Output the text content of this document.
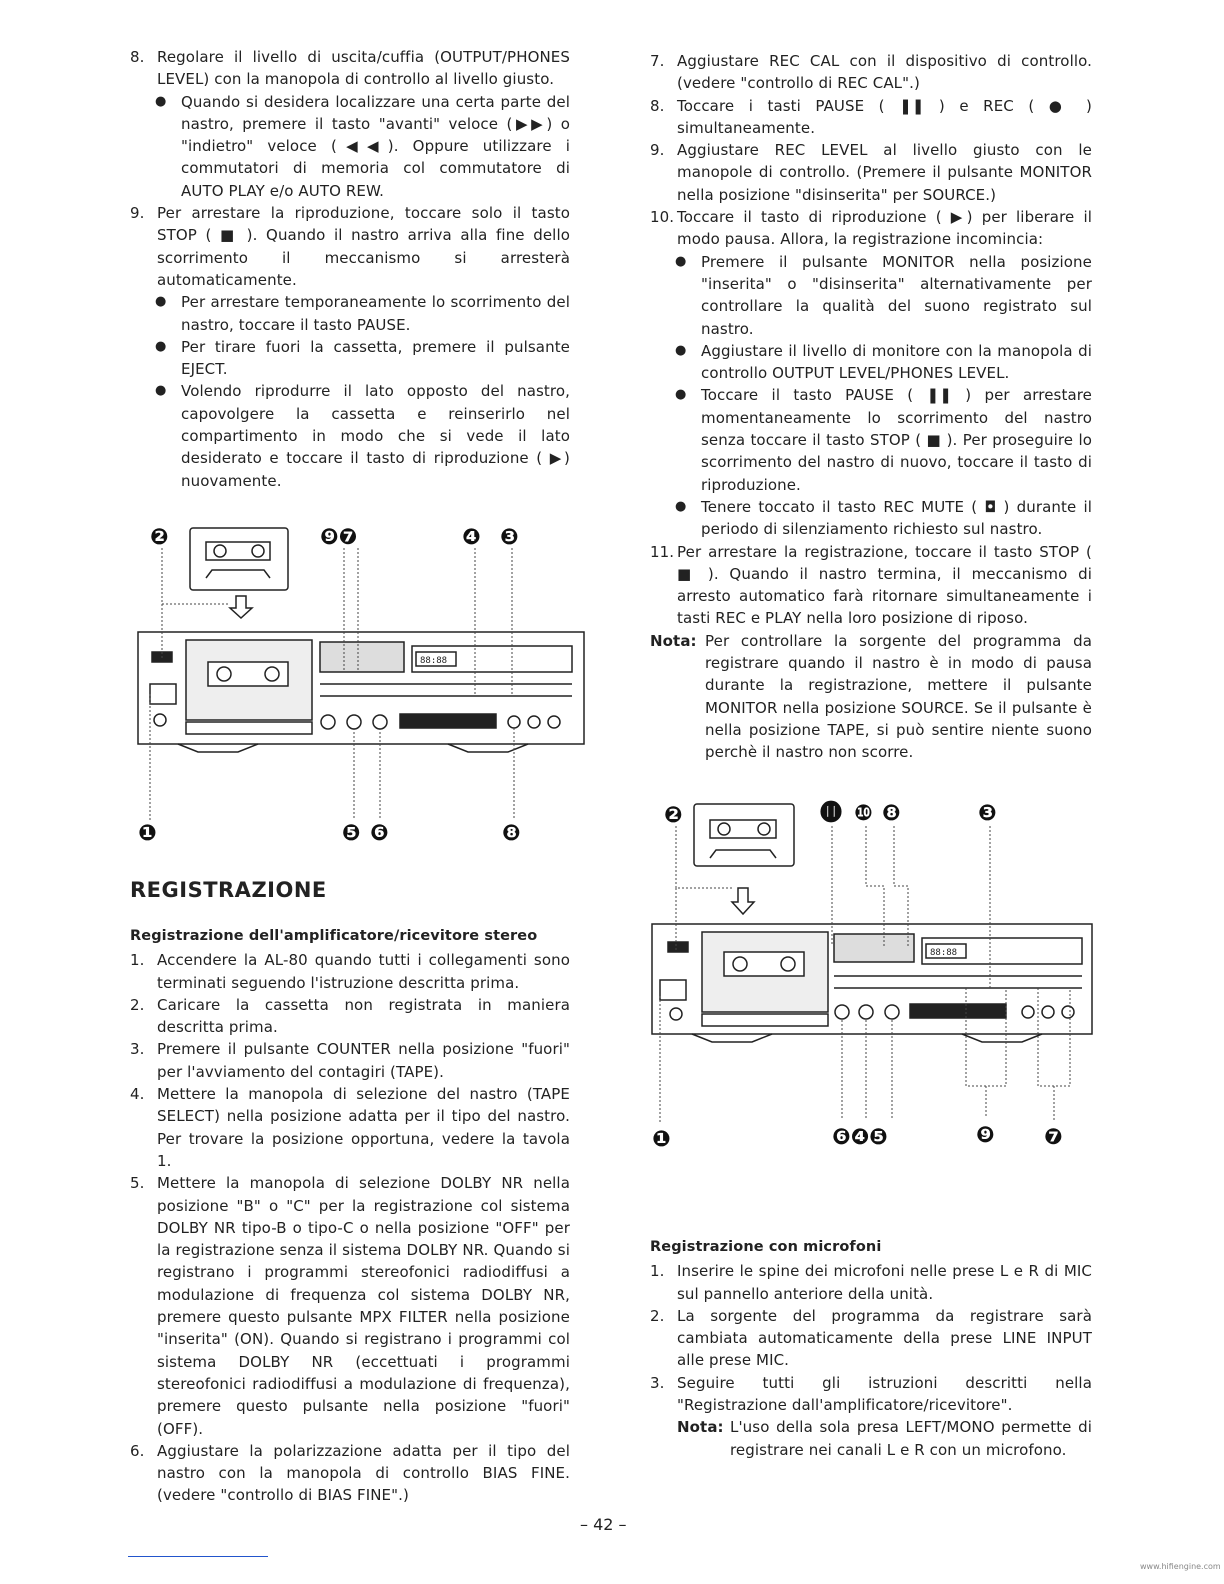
8. Regolare il livello di uscita/cuffia (OUTPUT/PHONES LEVEL) con la manopola di controllo al livello giusto.
● Quando si desidera localizzare una certa parte del nastro, premere il tasto "avanti" veloce (▶▶) o "indietro" veloce (◀◀). Oppure utilizzare i commutatori di memoria col commutatore di AUTO PLAY e/o AUTO REW.
9. Per arrestare la riproduzione, toccare solo il tasto STOP ( ■ ). Quando il nastro arriva alla fine dello scorrimento il meccanismo si arresterà automaticamente.
● Per arrestare temporaneamente lo scorrimento del nastro, toccare il tasto PAUSE.
● Per tirare fuori la cassetta, premere il pulsante EJECT.
● Volendo riprodurre il lato opposto del nastro, capovolgere la cassetta e reinserirlo nel compartimento in modo che si vede il lato desiderato e toccare il tasto di riproduzione ( ▶) nuovamente.
❷	❾❼	❹ ❸
❶	❺ ❻	❽
88:88
REGISTRAZIONE
Registrazione dell'amplificatore/ricevitore stereo
1. Accendere la AL-80 quando tutti i collegamenti sono terminati seguendo l'istruzione descritta prima.
2. Caricare la cassetta non registrata in maniera descritta prima.
3. Premere il pulsante COUNTER nella posizione "fuori" per l'avviamento del contagiri (TAPE).
4. Mettere la manopola di selezione del nastro (TAPE SELECT) nella posizione adatta per il tipo del nastro. Per trovare la posizione opportuna, vedere la tavola 1.
5. Mettere la manopola di selezione DOLBY NR nella posizione "B" o "C" per la registrazione col sistema DOLBY NR tipo-B o tipo-C o nella posizione "OFF" per la registrazione senza il sistema DOLBY NR. Quando si registrano i programmi stereofonici radiodiffusi a modulazione di frequenza col sistema DOLBY NR, premere questo pulsante MPX FILTER nella posizione "inserita" (ON). Quando si registrano i programmi col sistema DOLBY NR (eccettuati i programmi stereofonici radiodiffusi a modulazione di frequenza), premere questo pulsante nella posizione "fuori" (OFF).
6. Aggiustare la polarizzazione adatta per il tipo del nastro con la manopola di controllo BIAS FINE. (vedere "controllo di BIAS FINE".)
7. Aggiustare REC CAL con il dispositivo di controllo. (vedere "controllo di REC CAL".)
8. Toccare i tasti PAUSE ( ❚❚ ) e REC ( ● ) simultaneamente.
9. Aggiustare REC LEVEL al livello giusto con le manopole di controllo. (Premere il pulsante MONITOR nella posizione "disinserita" per SOURCE.)
10. Toccare il tasto di riproduzione ( ▶) per liberare il modo pausa. Allora, la registrazione incomincia:
● Premere il pulsante MONITOR nella posizione "inserita" o "disinserita" alternativamente per controllare la qualità del suono registrato sul nastro.
● Aggiustare il livello di monitore con la manopola di controllo OUTPUT LEVEL/PHONES LEVEL.
● Toccare il tasto PAUSE ( ❚❚ ) per arrestare momentaneamente lo scorrimento del nastro senza toccare il tasto STOP ( ■ ). Per proseguire lo scorrimento del nastro di nuovo, toccare il tasto di riproduzione.
● Tenere toccato il tasto REC MUTE ( ◘ ) durante il periodo di silenziamento richiesto sul nastro.
11. Per arrestare la registrazione, toccare il tasto STOP ( ■ ). Quando il nastro termina, il meccanismo di arresto automatico farà ritornare simultaneamente i tasti REC e PLAY nella loro posizione di riposo.
Nota: Per controllare la sorgente del programma da registrare quando il nastro è in modo di pausa durante la registrazione, mettere il pulsante MONITOR nella posizione SOURCE. Se il pulsante è nella posizione TAPE, si può sentire niente suono perchè il nastro non scorre.
❷	⓫ ❿ ❽	❸
❶	❻❹❺	❾ ❼
88:88
Registrazione con microfoni
1. Inserire le spine dei microfoni nelle prese L e R di MIC sul pannello anteriore della unità.
2. La sorgente del programma da registrare sarà cambiata automaticamente della prese LINE INPUT alle prese MIC.
3. Seguire tutti gli istruzioni descritti nella "Registrazione dall'amplificatore/ricevitore".
Nota: L'uso della sola presa LEFT/MONO permette di registrare nei canali L e R con un microfono.
– 42 –
www.hifiengine.com
